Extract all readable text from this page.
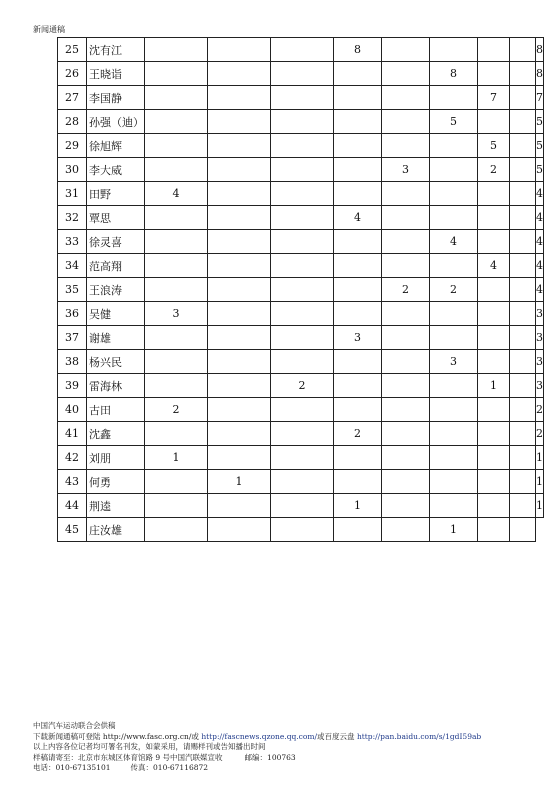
新闻通稿
25	沈有江				8					8
26	王晓诣						8			8
27	李国静							7		7
28	孙强（迪）						5			5
29	徐旭辉							5		5
30	李大威					3		2		5
31	田野	4								4
32	覃思				4					4
33	徐灵喜						4			4
34	范高翔							4		4
35	王浪涛					2	2			4
36	吴健	3								3
37	谢雄				3					3
38	杨兴民						3			3
39	雷海林			2				1		3
40	古田	2								2
41	沈鑫				2					2
42	刘朋	1								1
43	何勇		1							1
44	荆逵				1					1
45	庄汝雄						1			
中国汽车运动联合会供稿
下载新闻通稿可登陆 http://www.fasc.org.cn/或 http://fascnews.qzone.qq.com/或百度云盘 http://pan.baidu.com/s/1gdI59ab
以上内容各位记者均可署名刊发，如蒙采用，请赐样刊或告知播出时间
样稿请寄至：北京市东城区体育馆路 9 号中国汽联媒宣收	邮编：100763
电话：010-67135101	传真：010-67116872
